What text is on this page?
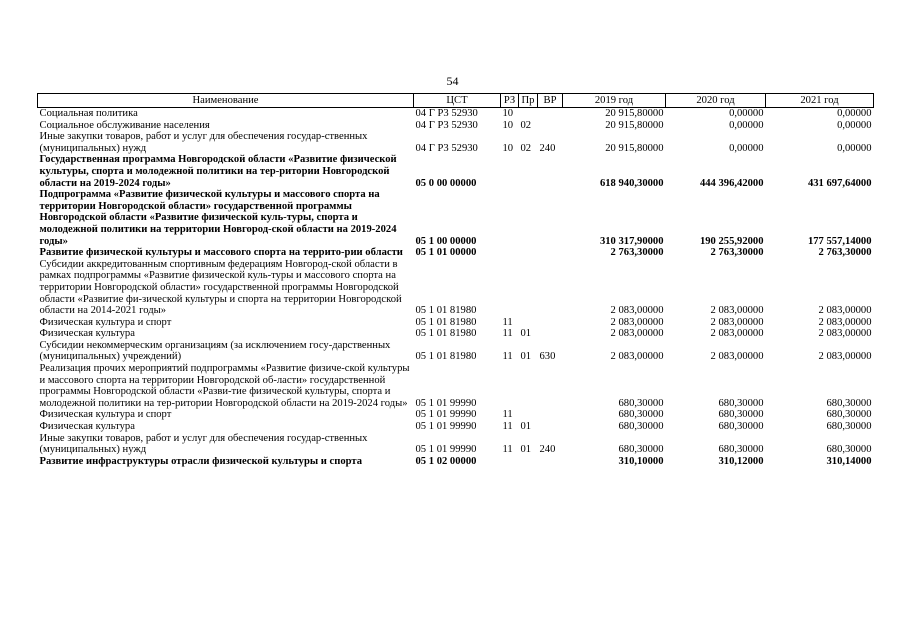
54
Наименование	ЦСТ	РЗ	Пр	ВР	2019 год	2020 год	2021 год
Социальная политика	04 Г Р3 52930	10			20 915,80000	0,00000	0,00000
Социальное обслуживание населения	04 Г Р3 52930	10	02		20 915,80000	0,00000	0,00000
Иные закупки товаров, работ и услуг для обеспечения государ-ственных (муниципальных) нужд	04 Г Р3 52930	10	02	240	20 915,80000	0,00000	0,00000
Государственная программа Новгородской области «Развитие физической культуры, спорта и молодежной политики на тер-ритории Новгородской области на 2019-2024 годы»	05 0 00 00000				618 940,30000	444 396,42000	431 697,64000
Подпрограмма «Развитие физической культуры и массового спорта на территории Новгородской области» государственной программы Новгородской области «Развитие физической куль-туры, спорта и молодежной политики на территории Новгород-ской области на 2019-2024 годы»	05 1 00 00000				310 317,90000	190 255,92000	177 557,14000
Развитие физической культуры и массового спорта на террито-рии области	05 1 01 00000				2 763,30000	2 763,30000	2 763,30000
Субсидии аккредитованным спортивным федерациям Новгород-ской области в рамках подпрограммы «Развитие физической куль-туры и массового спорта на территории Новгородской области» государственной программы Новгородской области «Развитие фи-зической культуры и спорта на территории Новгородской области на 2014-2021 годы»	05 1 01 81980				2 083,00000	2 083,00000	2 083,00000
Физическая культура и спорт	05 1 01 81980	11			2 083,00000	2 083,00000	2 083,00000
Физическая культура	05 1 01 81980	11	01		2 083,00000	2 083,00000	2 083,00000
Субсидии некоммерческим организациям (за исключением госу-дарственных (муниципальных) учреждений)	05 1 01 81980	11	01	630	2 083,00000	2 083,00000	2 083,00000
Реализация прочих мероприятий подпрограммы «Развитие физиче-ской культуры и массового спорта на территории Новгородской об-ласти» государственной программы Новгородской области «Разви-тие физической культуры, спорта и молодежной политики на тер-ритории Новгородской области на 2019-2024 годы»	05 1 01 99990				680,30000	680,30000	680,30000
Физическая культура и спорт	05 1 01 99990	11			680,30000	680,30000	680,30000
Физическая культура	05 1 01 99990	11	01		680,30000	680,30000	680,30000
Иные закупки товаров, работ и услуг для обеспечения государ-ственных (муниципальных) нужд	05 1 01 99990	11	01	240	680,30000	680,30000	680,30000
Развитие инфраструктуры отрасли физической культуры и спорта	05 1 02 00000				310,10000	310,12000	310,14000
